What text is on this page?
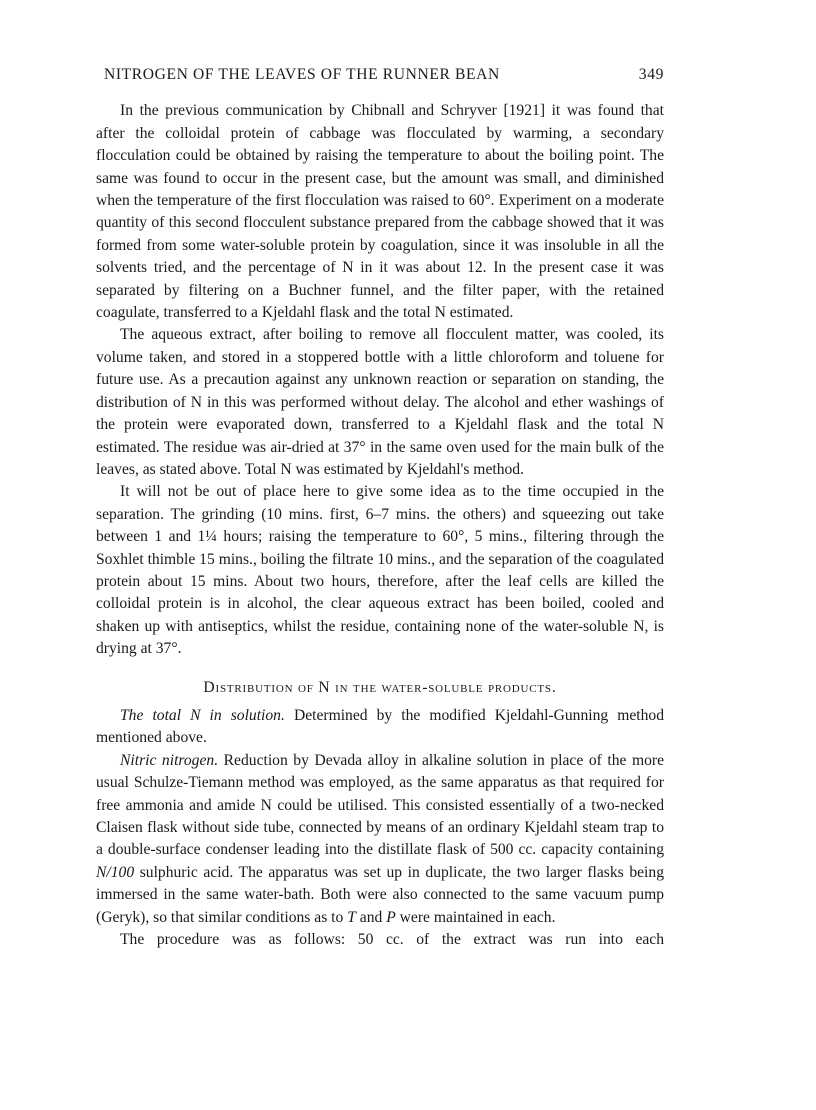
NITROGEN OF THE LEAVES OF THE RUNNER BEAN	349

In the previous communication by Chibnall and Schryver [1921] it was found that after the colloidal protein of cabbage was flocculated by warming, a secondary flocculation could be obtained by raising the temperature to about the boiling point. The same was found to occur in the present case, but the amount was small, and diminished when the temperature of the first flocculation was raised to 60°. Experiment on a moderate quantity of this second flocculent substance prepared from the cabbage showed that it was formed from some water-soluble protein by coagulation, since it was insoluble in all the solvents tried, and the percentage of N in it was about 12. In the present case it was separated by filtering on a Buchner funnel, and the filter paper, with the retained coagulate, transferred to a Kjeldahl flask and the total N estimated.

The aqueous extract, after boiling to remove all flocculent matter, was cooled, its volume taken, and stored in a stoppered bottle with a little chloroform and toluene for future use. As a precaution against any unknown reaction or separation on standing, the distribution of N in this was performed without delay. The alcohol and ether washings of the protein were evaporated down, transferred to a Kjeldahl flask and the total N estimated. The residue was air-dried at 37° in the same oven used for the main bulk of the leaves, as stated above. Total N was estimated by Kjeldahl's method.

It will not be out of place here to give some idea as to the time occupied in the separation. The grinding (10 mins. first, 6–7 mins. the others) and squeezing out take between 1 and 1¼ hours; raising the temperature to 60°, 5 mins., filtering through the Soxhlet thimble 15 mins., boiling the filtrate 10 mins., and the separation of the coagulated protein about 15 mins. About two hours, therefore, after the leaf cells are killed the colloidal protein is in alcohol, the clear aqueous extract has been boiled, cooled and shaken up with antiseptics, whilst the residue, containing none of the water-soluble N, is drying at 37°.

Distribution of N in the water-soluble products.

The total N in solution. Determined by the modified Kjeldahl-Gunning method mentioned above.

Nitric nitrogen. Reduction by Devada alloy in alkaline solution in place of the more usual Schulze-Tiemann method was employed, as the same apparatus as that required for free ammonia and amide N could be utilised. This consisted essentially of a two-necked Claisen flask without side tube, connected by means of an ordinary Kjeldahl steam trap to a double-surface condenser leading into the distillate flask of 500 cc. capacity containing N/100 sulphuric acid. The apparatus was set up in duplicate, the two larger flasks being immersed in the same water-bath. Both were also connected to the same vacuum pump (Geryk), so that similar conditions as to T and P were maintained in each.

The procedure was as follows: 50 cc. of the extract was run into each
